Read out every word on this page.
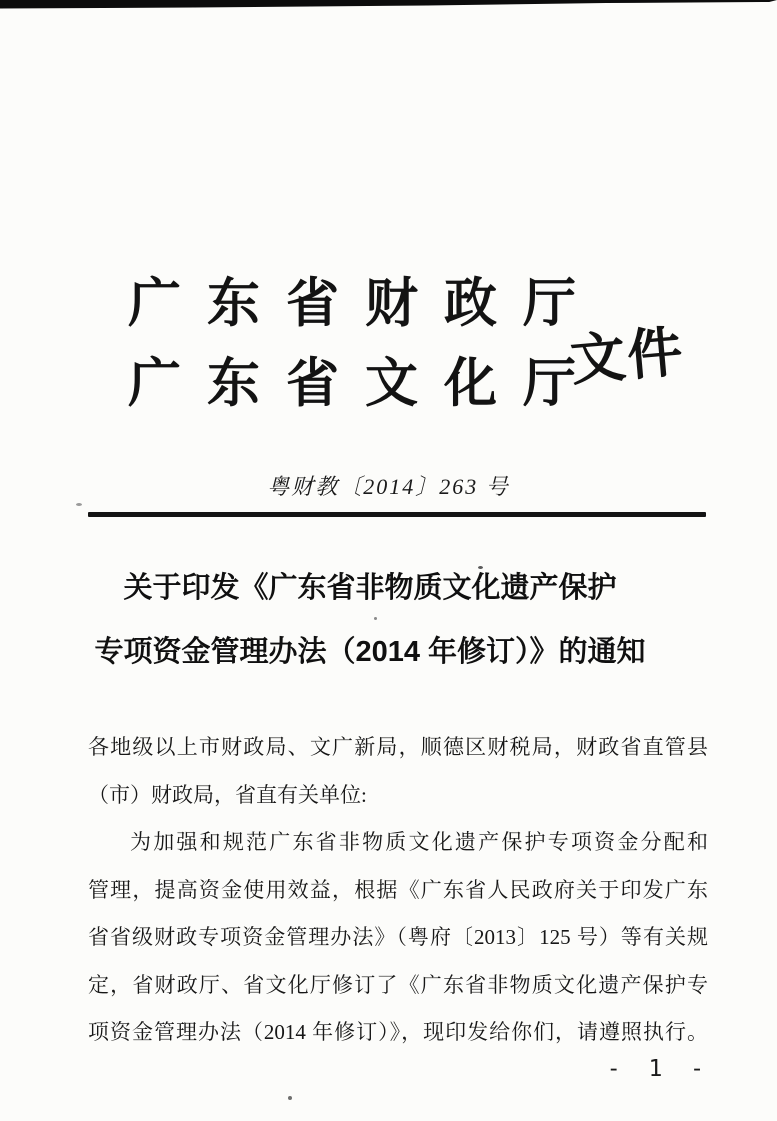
广东省财政厅
广东省文化厅
文件
粤财教〔2014〕263 号
关于印发《广东省非物质文化遗产保护
专项资金管理办法（2014 年修订）》的通知
各地级以上市财政局、文广新局，顺德区财税局，财政省直管县
（市）财政局，省直有关单位:
为加强和规范广东省非物质文化遗产保护专项资金分配和
管理，提高资金使用效益，根据《广东省人民政府关于印发广东
省省级财政专项资金管理办法》（粤府〔2013〕125 号）等有关规
定，省财政厅、省文化厅修订了《广东省非物质文化遗产保护专
项资金管理办法（2014 年修订）》，现印发给你们，请遵照执行。
- 1 -
